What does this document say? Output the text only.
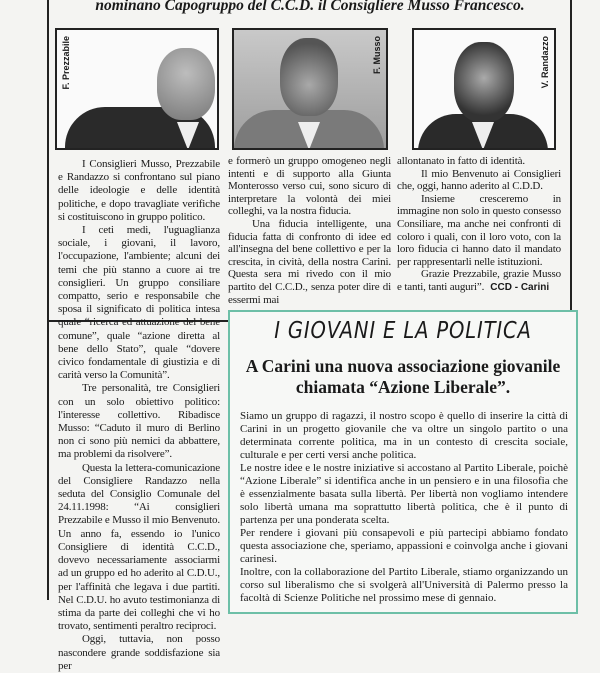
nominano Capogruppo del C.C.D. il Consigliere Musso Francesco.
F. Prezzabile	F. Musso	V. Randazzo

I Consiglieri Musso, Prezzabile e Randazzo si confrontano sul piano delle ideologie e delle identità politiche, e dopo travagliate verifiche si costituiscono in gruppo politico.

I ceti medi, l'uguaglianza sociale, i giovani, il lavoro, l'occupazione, l'ambiente; alcuni dei temi che più stanno a cuore ai tre consiglieri. Un gruppo consiliare compatto, serio e responsabile che sposa il significato di politica intesa quale “ricerca ed attuazione del bene comune”, quale “azione diretta al bene dello Stato”, quale “dovere civico fondamentale di giustizia e di carità verso la Comunità”.

Tre personalità, tre Consiglieri con un solo obiettivo politico: l'interesse collettivo. Ribadisce Musso: “Caduto il muro di Berlino non ci sono più nemici da abbattere, ma problemi da risolvere”.

Questa la lettera-comunicazione del Consigliere Randazzo nella seduta del Consiglio Comunale del 24.11.1998: “Ai consiglieri Prezzabile e Musso il mio Benvenuto. Un anno fa, essendo io l'unico Consigliere di identità C.C.D., dovevo necessariamente associarmi ad un gruppo ed ho aderito al C.D.U., per l'affinità che legava i due partiti. Nel C.D.U. ho avuto testimonianza di stima da parte dei colleghi che vi ho trovato, sentimenti peraltro reciproci.

Oggi, tuttavia, non posso nascondere grande soddisfazione sia per

e formerò un gruppo omogeneo negli intenti e di supporto alla Giunta Monterosso verso cui, sono sicuro di interpretare la volontà dei miei colleghi, va la nostra fiducia.

Una fiducia intelligente, una fiducia fatta di confronto di idee ed all'insegna del bene collettivo e per la crescita, in cività, della nostra Carini. Questa sera mi rivedo con il mio partito del C.C.D., senza poter dire di essermi mai

allontanato in fatto di identità.

Il mio Benvenuto ai Consiglieri che, oggi, hanno aderito al C.D.D.

Insieme cresceremo in immagine non solo in questo consesso Consiliare, ma anche nei confronti di coloro i quali, con il loro voto, con la loro fiducia ci hanno dato il mandato per rappresentarli nelle istituzioni.

Grazie Prezzabile, grazie Musso e tanti, tanti auguri”. CCD - Carini

I GIOVANI E LA POLITICA
A Carini una nuova associazione giovanile
chiamata “Azione Liberale”.

Siamo un gruppo di ragazzi, il nostro scopo è quello di inserire la città di Carini in un progetto giovanile che va oltre un singolo partito o una determinata corrente politica, ma in un contesto di crescita sociale, culturale e per certi versi anche politica.

Le nostre idee e le nostre iniziative si accostano al Partito Liberale, poichè “Azione Liberale” si identifica anche in un pensiero e in una filosofia che è essenzialmente basata sulla libertà. Per libertà non vogliamo intendere solo libertà umana ma soprattutto libertà politica, che è il punto di partenza per una ponderata scelta.

Per rendere i giovani più consapevoli e più partecipi abbiamo fondato questa associazione che, speriamo, appassioni e coinvolga anche i giovani carinesi.

Inoltre, con la collaborazione del Partito Liberale, stiamo organizzando un corso sul liberalismo che si svolgerà all'Università di Palermo presso la facoltà di Scienze Politiche nel prossimo mese di gennaio.
